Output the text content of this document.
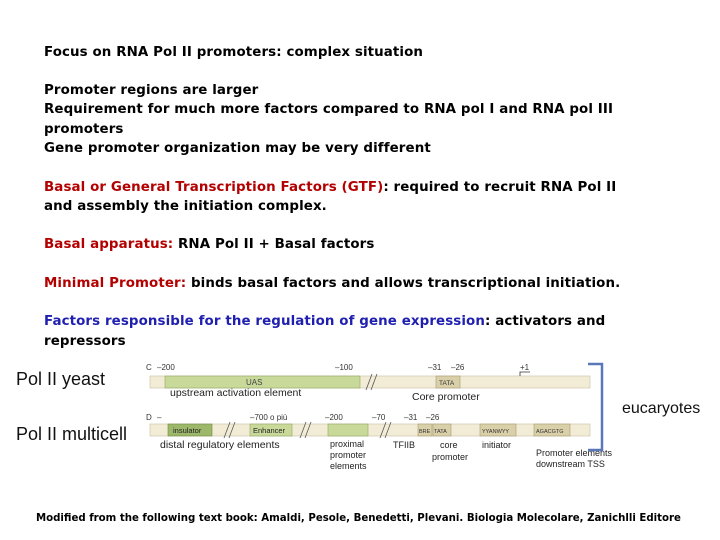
Focus on RNA Pol II promoters: complex situation
Promoter regions are larger
Requirement for much more factors compared to RNA pol I and RNA pol III
promoters
Gene promoter organization may be very different
Basal or General Transcription Factors (GTF): required to recruit RNA Pol II
and assembly the initiation complex.
Basal apparatus: RNA Pol II + Basal factors
Minimal Promoter: binds basal factors and allows transcriptional initiation.
Factors responsible for the regulation of gene expression: activators and
repressors
Pol II yeast
Pol II multicell
C –200	–100	–31 –26	+1
UAS	TATA
upstream activation element	Core promoter
D –	–700 o più	–200	–70 –31 –26
insulator	Enhancer	BRE TATA	YYANWYY	AGACGTG
distal regulatory elements	proximal
promoter
elements
TFIIB	core
promoter
initiator
Promoter elements
downstream TSS
eucaryotes
Modified from the following text book: Amaldi, Pesole, Benedetti, Plevani. Biologia Molecolare, Zanichlli Editore
